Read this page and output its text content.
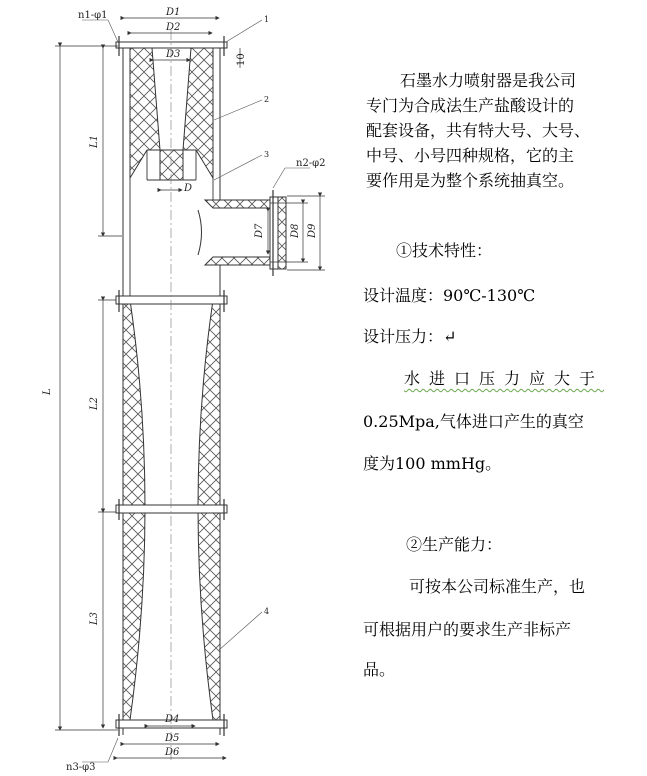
D1
D2
D3
D
D4
D5
D6
10
L
L1
L2
L3
D7	D8 D9
n1-φ1
n2-φ2
n3-φ3
1
2
3
4

石墨水力喷射器是我公司

专门为合成法生产盐酸设计的

配套设备，共有特大号、大号、

中号、小号四种规格，它的主

要作用是为整个系统抽真空。

①技术特性：

设计温度：90℃-130℃

设计压力：↵

水进口压力应大于

0.25Mpa,气体进口产生的真空

度为100 mmHg。

②生产能力：

可按本公司标准生产，也

可根据用户的要求生产非标产

品。
